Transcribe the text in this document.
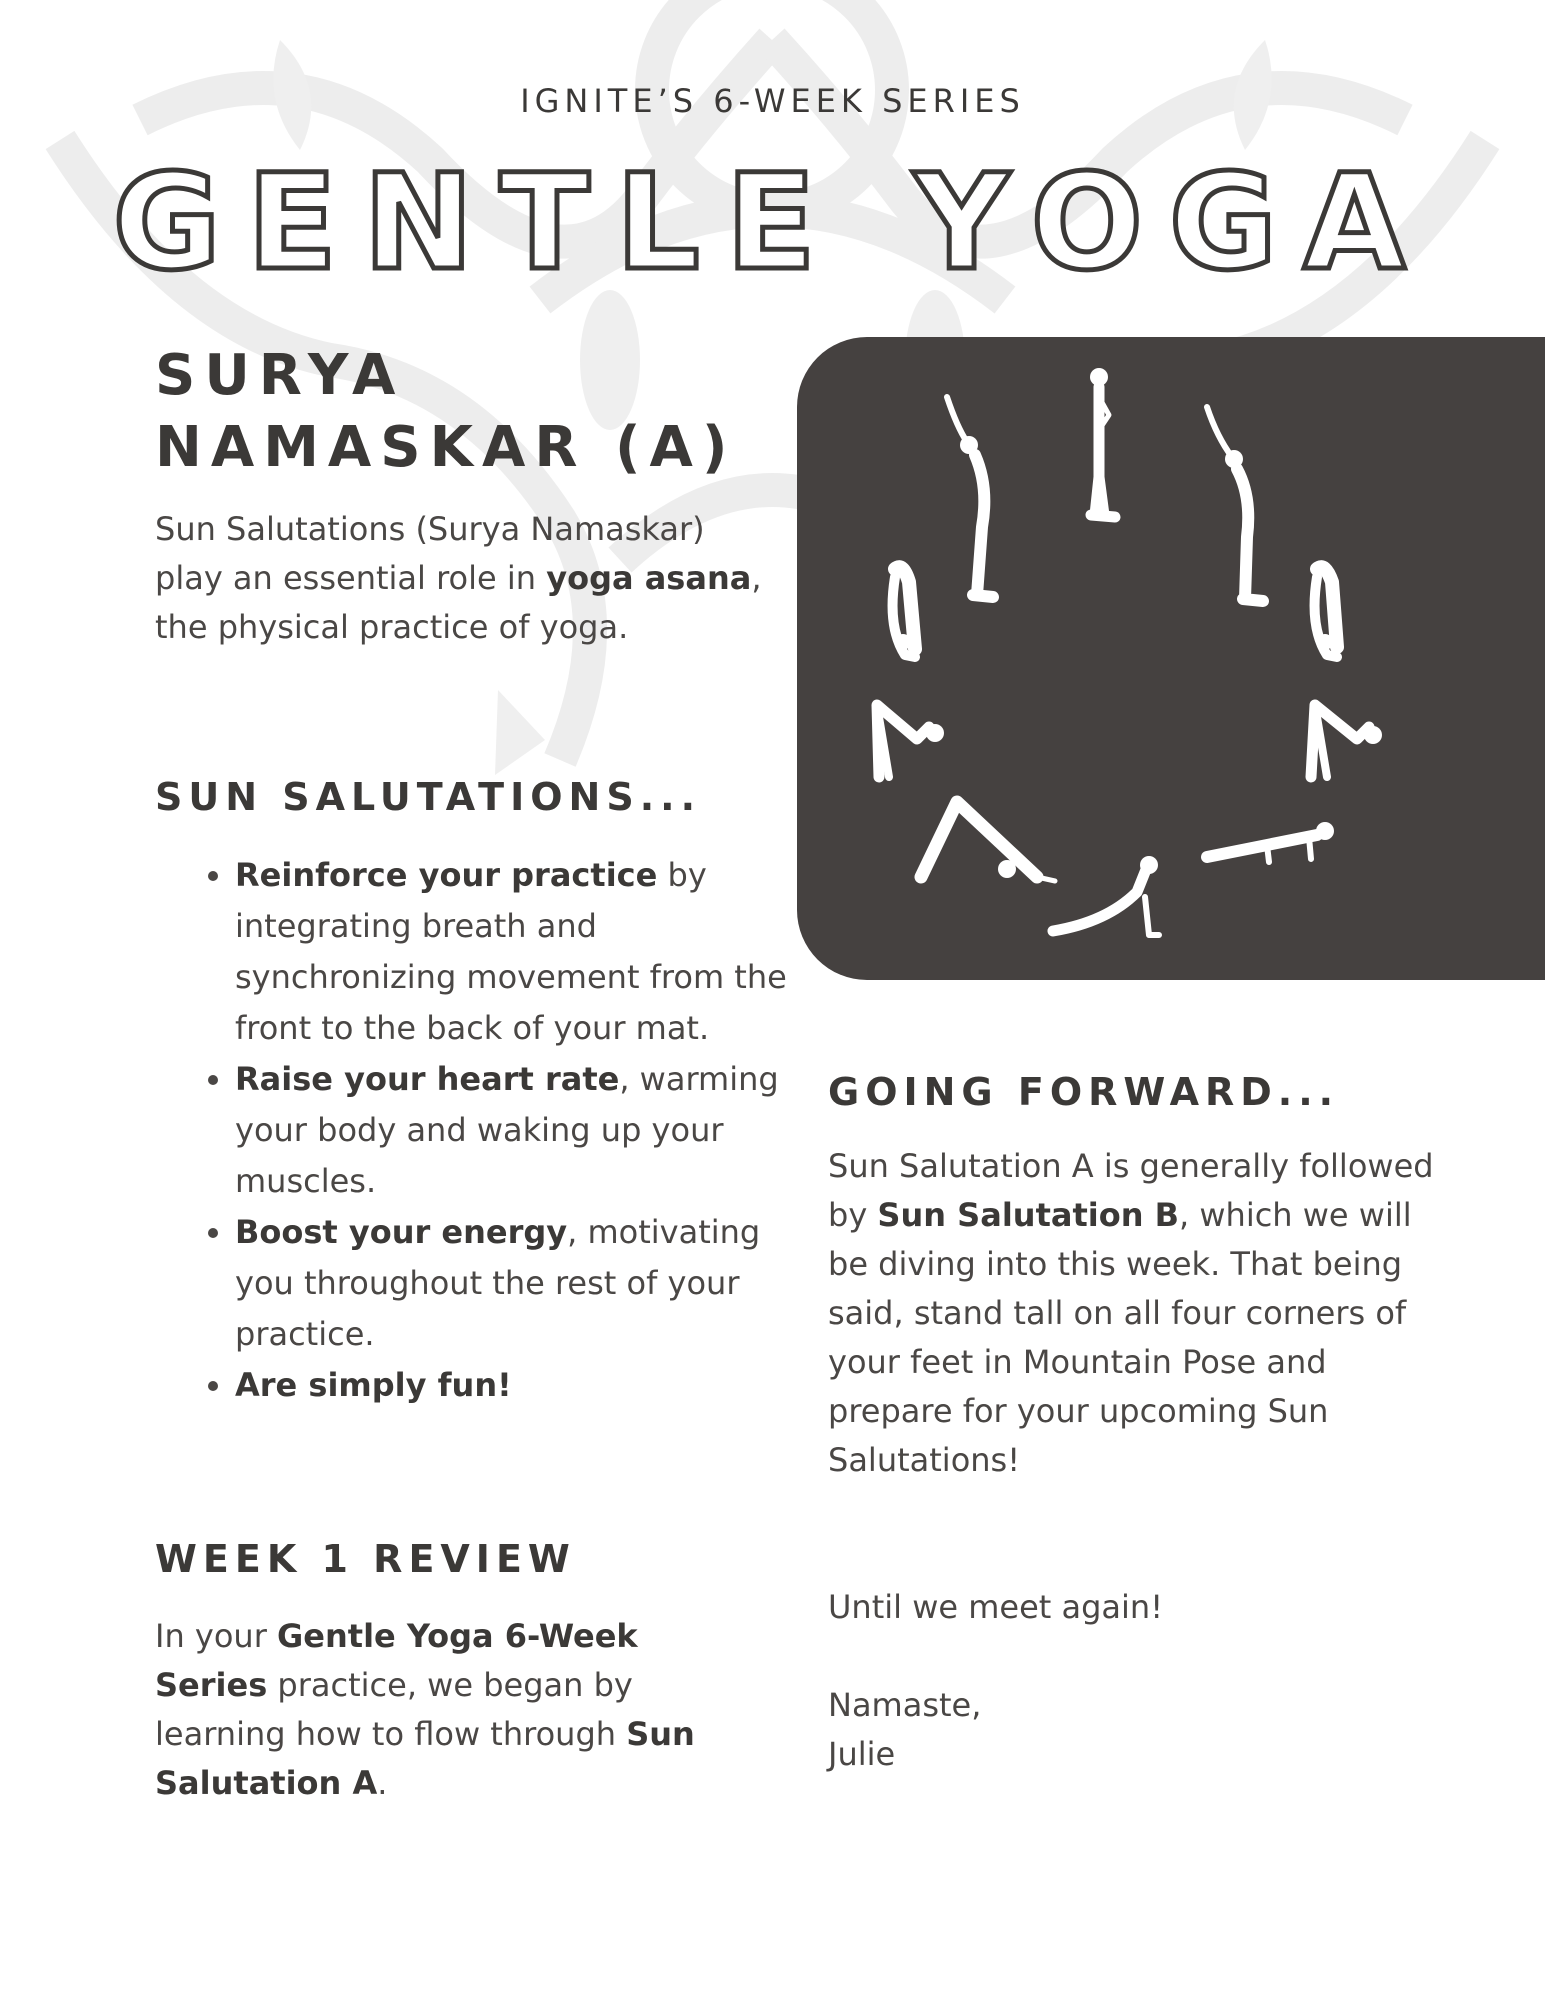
IGNITE’S 6-WEEK SERIES
GENTLE YOGA
SURYA
NAMASKAR (A)

Sun Salutations (Surya Namaskar) play an essential role in yoga asana, the physical practice of yoga.

SUN SALUTATIONS...
• Reinforce your practice by integrating breath and synchronizing movement from the front to the back of your mat.
• Raise your heart rate, warming your body and waking up your muscles.
• Boost your energy, motivating you throughout the rest of your practice.
• Are simply fun!
WEEK 1 REVIEW

In your Gentle Yoga 6-Week Series practice, we began by learning how to flow through Sun Salutation A.

GOING FORWARD...

Sun Salutation A is generally followed by Sun Salutation B, which we will be diving into this week. That being said, stand tall on all four corners of your feet in Mountain Pose and prepare for your upcoming Sun Salutations!

Until we meet again!

Namaste,

Julie
